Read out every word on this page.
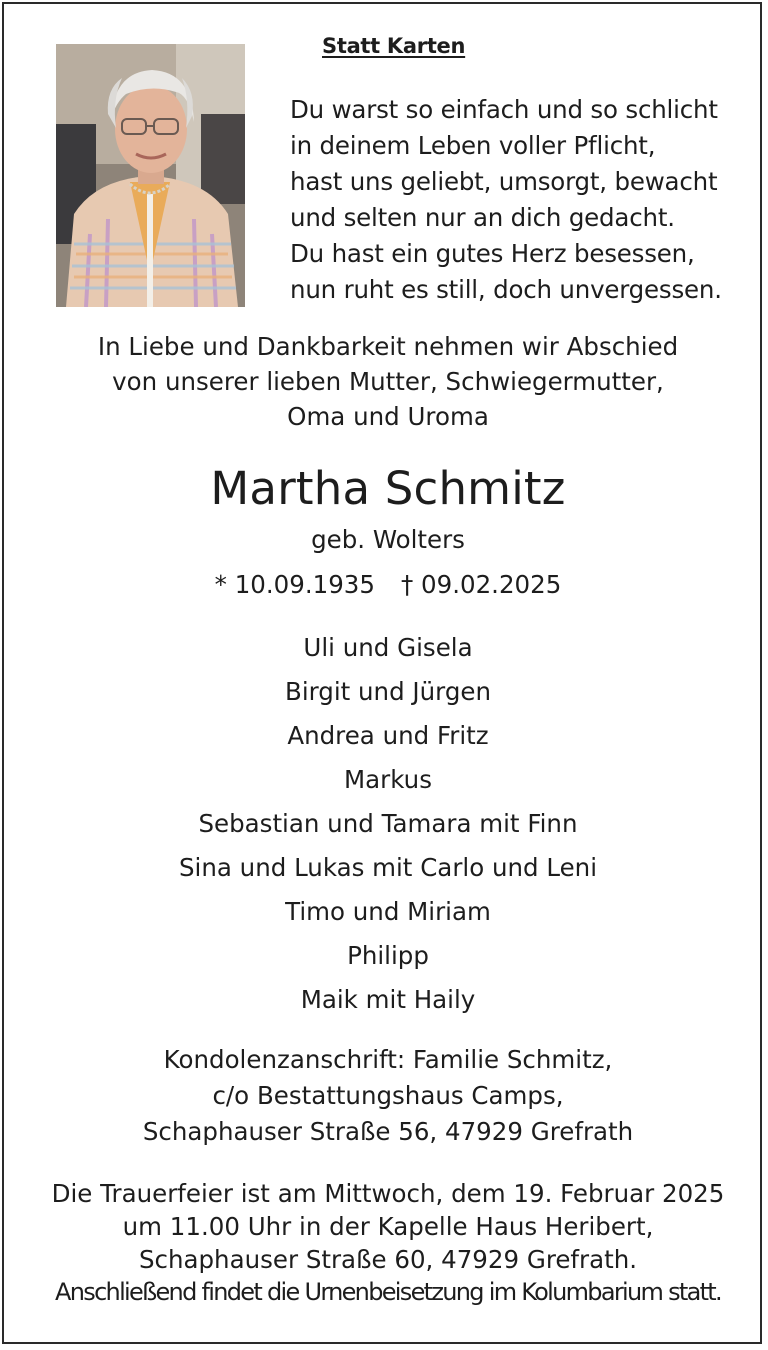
Statt Karten
Du warst so einfach und so schlicht
in deinem Leben voller Pflicht,
hast uns geliebt, umsorgt, bewacht
und selten nur an dich gedacht.
Du hast ein gutes Herz besessen,
nun ruht es still, doch unvergessen.
In Liebe und Dankbarkeit nehmen wir Abschied
von unserer lieben Mutter, Schwiegermutter,
Oma und Uroma
Martha Schmitz
geb. Wolters
* 10.09.1935 † 09.02.2025
Uli und Gisela
Birgit und Jürgen
Andrea und Fritz
Markus
Sebastian und Tamara mit Finn
Sina und Lukas mit Carlo und Leni
Timo und Miriam
Philipp
Maik mit Haily
Kondolenzanschrift: Familie Schmitz,
c/o Bestattungshaus Camps,
Schaphauser Straße 56, 47929 Grefrath
Die Trauerfeier ist am Mittwoch, dem 19. Februar 2025
um 11.00 Uhr in der Kapelle Haus Heribert,
Schaphauser Straße 60, 47929 Grefrath.
Anschließend findet die Urnenbeisetzung im Kolumbarium statt.
